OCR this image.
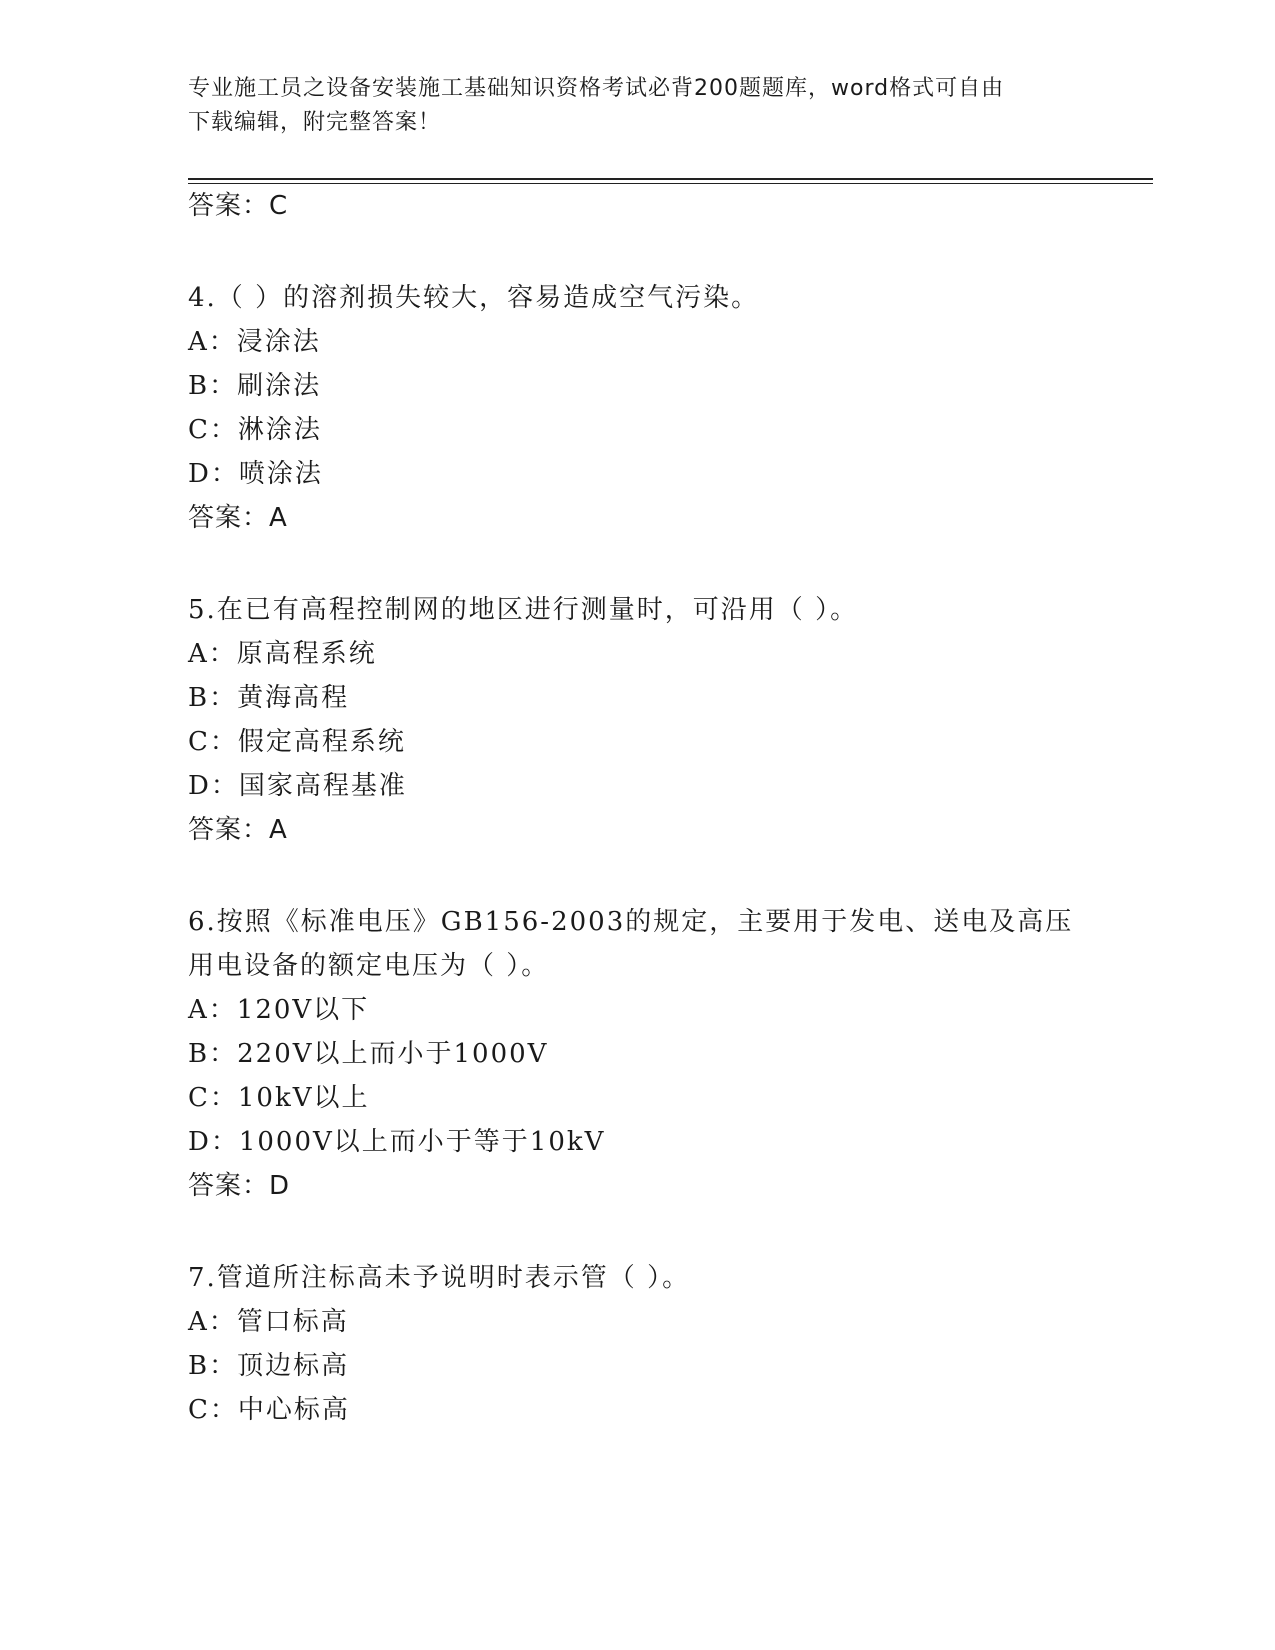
专业施工员之设备安装施工基础知识资格考试必背200题题库，word格式可自由
下载编辑，附完整答案！
答案：C
4.（ ）的溶剂损失较大，容易造成空气污染。
A：浸涂法
B：刷涂法
C：淋涂法
D：喷涂法
答案：A
5.在已有高程控制网的地区进行测量时，可沿用（ ）。
A：原高程系统
B：黄海高程
C：假定高程系统
D：国家高程基准
答案：A
6.按照《标准电压》GB156-2003的规定，主要用于发电、送电及高压
用电设备的额定电压为（ ）。
A：120V以下
B：220V以上而小于1000V
C：10kV以上
D：1000V以上而小于等于10kV
答案：D
7.管道所注标高未予说明时表示管（ ）。
A：管口标高
B：顶边标高
C：中心标高
